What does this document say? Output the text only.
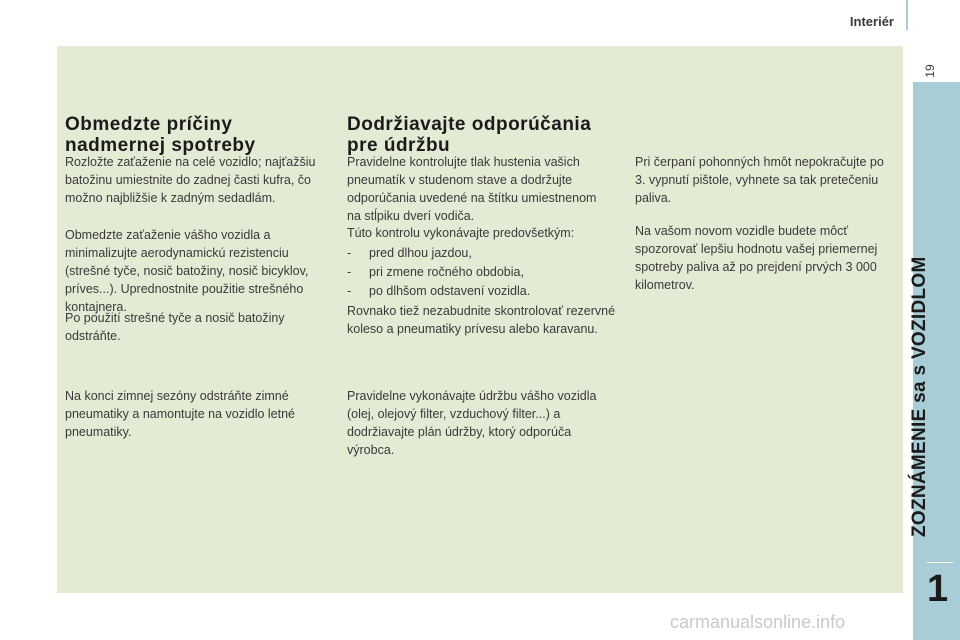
Interiér
19
ZOZNÁMENIE sa s VOZIDLOM
1
Obmedzte príčiny
nadmernej spotreby

Rozložte zaťaženie na celé vozidlo; najťažšiu batožinu umiestnite do zadnej časti kufra, čo možno najbližšie k zadným sedadlám.

Obmedzte zaťaženie vášho vozidla a minimalizujte aerodynamickú rezistenciu (strešné tyče, nosič batožiny, nosič bicyklov, príves...). Uprednostnite použitie strešného kontajnera.

Po použití strešné tyče a nosič batožiny odstráňte.

Na konci zimnej sezóny odstráňte zimné pneumatiky a namontujte na vozidlo letné pneumatiky.

Dodržiavajte odporúčania
pre údržbu

Pravidelne kontrolujte tlak hustenia vašich pneumatík v studenom stave a dodržujte odporúčania uvedené na štítku umiestnenom na stĺpiku dverí vodiča.

Túto kontrolu vykonávajte predovšetkým:

- pred dlhou jazdou,
- pri zmene ročného obdobia,
- po dlhšom odstavení vozidla.

Rovnako tiež nezabudnite skontrolovať rezervné koleso a pneumatiky prívesu alebo karavanu.

Pravidelne vykonávajte údržbu vášho vozidla (olej, olejový filter, vzduchový filter...) a dodržiavajte plán údržby, ktorý odporúča výrobca.

Pri čerpaní pohonných hmôt nepokračujte po 3. vypnutí pištole, vyhnete sa tak pretečeniu paliva.

Na vašom novom vozidle budete môcť spozorovať lepšiu hodnotu vašej priemernej spotreby paliva až po prejdení prvých 3 000 kilometrov.

carmanualsonline.info
